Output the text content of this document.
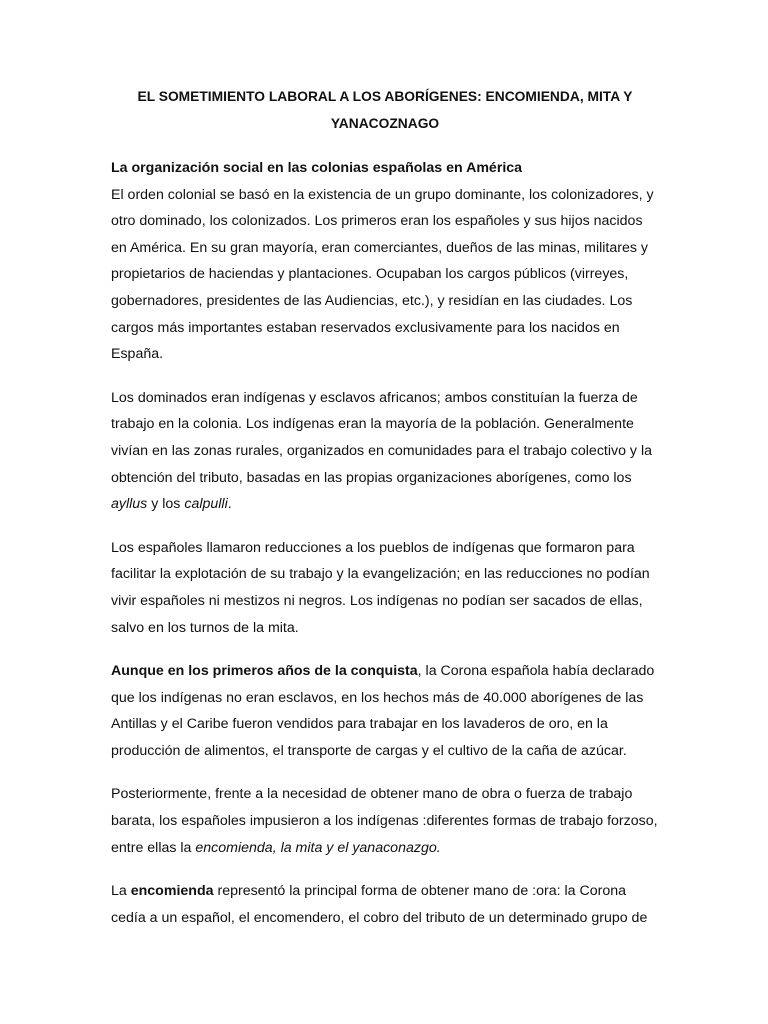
EL SOMETIMIENTO LABORAL A LOS ABORÍGENES: ENCOMIENDA, MITA Y YANACOZNAGO
La organización social en las colonias españolas en América

El orden colonial se basó en la existencia de un grupo dominante, los colonizadores, y otro dominado, los colonizados. Los primeros eran los españoles y sus hijos nacidos en América. En su gran mayoría, eran comerciantes, dueños de las minas, militares y propietarios de haciendas y plantaciones. Ocupaban los cargos públicos (virreyes, gobernadores, presidentes de las Audiencias, etc.), y residían en las ciudades. Los cargos más importantes estaban reservados exclusivamente para los nacidos en España.

Los dominados eran indígenas y esclavos africanos; ambos constituían la fuerza de trabajo en la colonia. Los indígenas eran la mayoría de la población. Generalmente vivían en las zonas rurales, organizados en comunidades para el trabajo colectivo y la obtención del tributo, basadas en las propias organizaciones aborígenes, como los ayllus y los calpulli.

Los españoles llamaron reducciones a los pueblos de indígenas que formaron para facilitar la explotación de su trabajo y la evangelización; en las reducciones no podían vivir españoles ni mestizos ni negros. Los indígenas no podían ser sacados de ellas, salvo en los turnos de la mita.

Aunque en los primeros años de la conquista, la Corona española había declarado que los indígenas no eran esclavos, en los hechos más de 40.000 aborígenes de las Antillas y el Caribe fueron vendidos para trabajar en los lavaderos de oro, en la producción de alimentos, el transporte de cargas y el cultivo de la caña de azúcar.

Posteriormente, frente a la necesidad de obtener mano de obra o fuerza de trabajo barata, los españoles impusieron a los indígenas :diferentes formas de trabajo forzoso, entre ellas la encomienda, la mita y el yanaconazgo.

La encomienda representó la principal forma de obtener mano de :ora: la Corona cedía a un español, el encomendero, el cobro del tributo de un determinado grupo de
